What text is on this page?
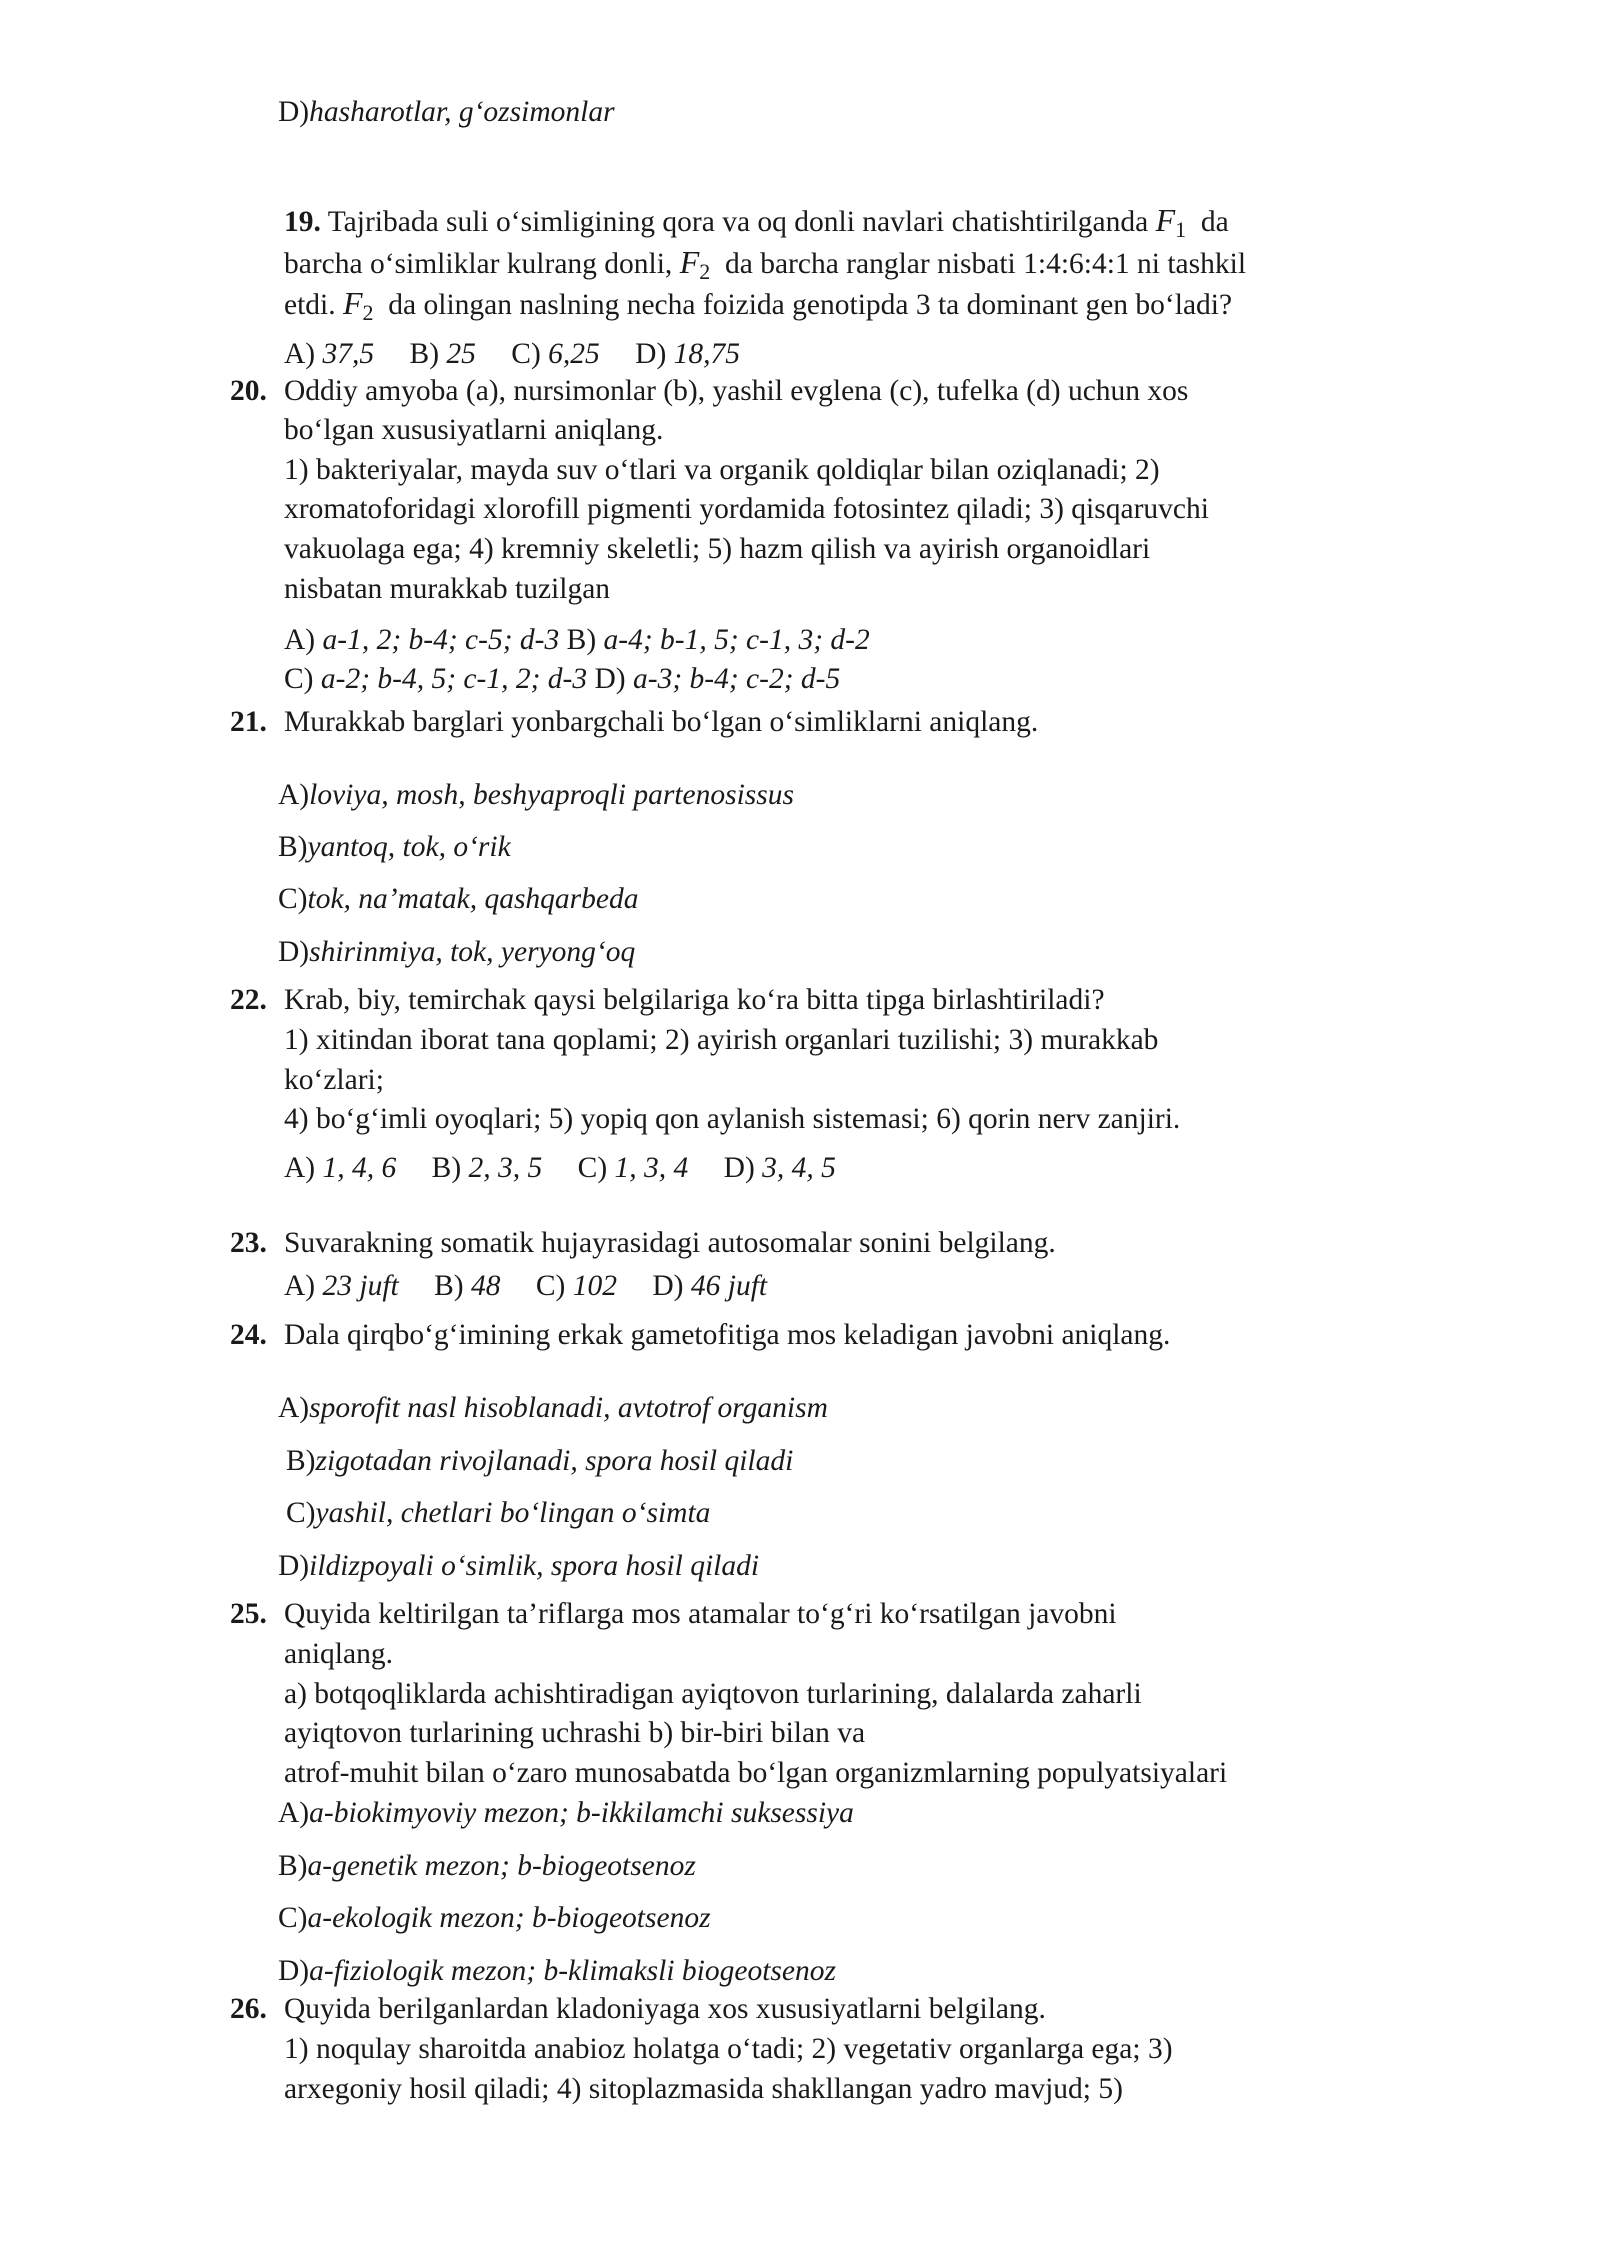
D)hasharotlar, g‘ozsimonlar
19. Tajribada suli o‘simligining qora va oq donli navlari chatishtirilganda $F_1$ da
barcha o‘simliklar kulrang donli, $F_2$ da barcha ranglar nisbati 1:4:6:4:1 ni tashkil
etdi. $F_2$ da olingan naslning necha foizida genotipda 3 ta dominant gen bo‘ladi?
A) 37,5 B) 25 C) 6,25 D) 18,75
20. Oddiy amyoba (a), nursimonlar (b), yashil evglena (c), tufelka (d) uchun xos
bo‘lgan xususiyatlarni aniqlang.
1) bakteriyalar, mayda suv o‘tlari va organik qoldiqlar bilan oziqlanadi; 2)
xromatoforidagi xlorofill pigmenti yordamida fotosintez qiladi; 3) qisqaruvchi
vakuolaga ega; 4) kremniy skeletli; 5) hazm qilish va ayirish organoidlari
nisbatan murakkab tuzilgan
A) a-1, 2; b-4; c-5; d-3 B) a-4; b-1, 5; c-1, 3; d-2
C) a-2; b-4, 5; c-1, 2; d-3 D) a-3; b-4; c-2; d-5
21. Murakkab barglari yonbargchali bo‘lgan o‘simliklarni aniqlang.
A)loviya, mosh, beshyaproqli partenosissus
B)yantoq, tok, o‘rik
C)tok, na’matak, qashqarbeda
D)shirinmiya, tok, yeryong‘oq
22. Krab, biy, temirchak qaysi belgilariga ko‘ra bitta tipga birlashtiriladi?
1) xitindan iborat tana qoplami; 2) ayirish organlari tuzilishi; 3) murakkab
ko‘zlari;
4) bo‘g‘imli oyoqlari; 5) yopiq qon aylanish sistemasi; 6) qorin nerv zanjiri.
A) 1, 4, 6 B) 2, 3, 5 C) 1, 3, 4 D) 3, 4, 5
23. Suvarakning somatik hujayrasidagi autosomalar sonini belgilang.
A) 23 juft B) 48 C) 102 D) 46 juft
24. Dala qirqbo‘g‘imining erkak gametofitiga mos keladigan javobni aniqlang.
A)sporofit nasl hisoblanadi, avtotrof organism
B)zigotadan rivojlanadi, spora hosil qiladi
C)yashil, chetlari bo‘lingan o‘simta
D)ildizpoyali o‘simlik, spora hosil qiladi
25. Quyida keltirilgan ta’riflarga mos atamalar to‘g‘ri ko‘rsatilgan javobni
aniqlang.
a) botqoqliklarda achishtiradigan ayiqtovon turlarining, dalalarda zaharli
ayiqtovon turlarining uchrashi b) bir-biri bilan va
atrof-muhit bilan o‘zaro munosabatda bo‘lgan organizmlarning populyatsiyalari
A)a-biokimyoviy mezon; b-ikkilamchi suksessiya
B)a-genetik mezon; b-biogeotsenoz
C)a-ekologik mezon; b-biogeotsenoz
D)a-fiziologik mezon; b-klimaksli biogeotsenoz
26. Quyida berilganlardan kladoniyaga xos xususiyatlarni belgilang.
1) noqulay sharoitda anabioz holatga o‘tadi; 2) vegetativ organlarga ega; 3)
arxegoniy hosil qiladi; 4) sitoplazmasida shakllangan yadro mavjud; 5)
